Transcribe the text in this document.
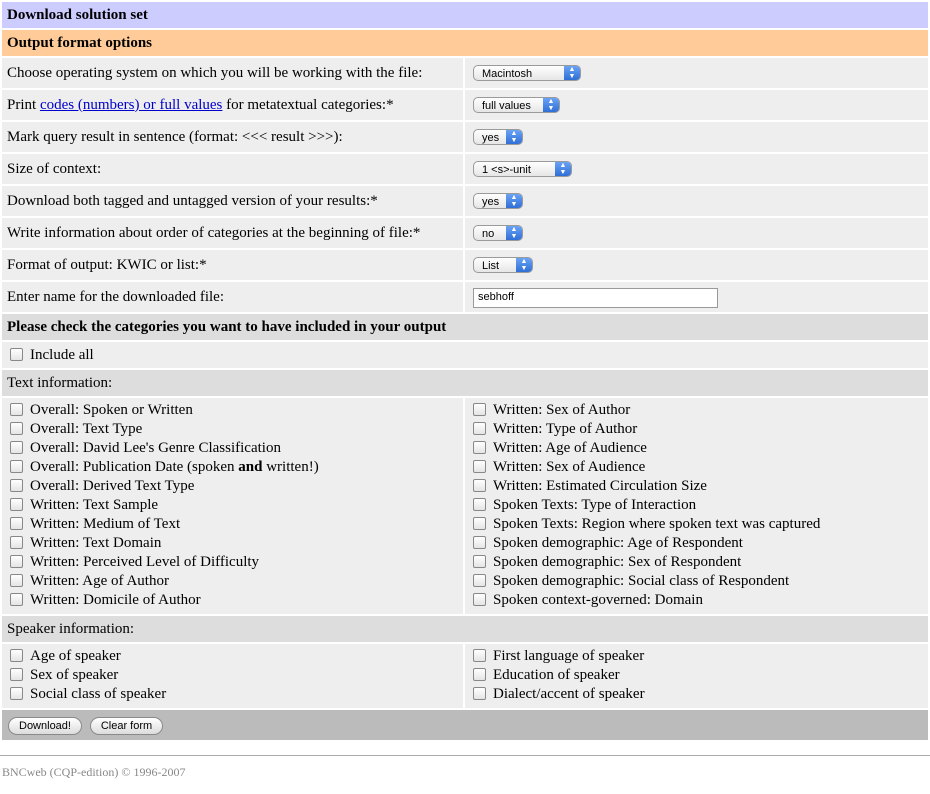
Download solution set
Output format options
Choose operating system on which you will be working with the file:	Macintosh	▲
▼
Print codes (numbers) or full values for metatextual categories:*	full values	▲
▼
Mark query result in sentence (format: <<< result >>>):	yes	▲
▼
Size of context:	1 <s>-unit	▲
▼
Download both tagged and untagged version of your results:*	yes	▲
▼
Write information about order of categories at the beginning of file:*	no	▲
▼
Format of output: KWIC or list:*	List	▲
▼
Enter name for the downloaded file:	sebhoff
Please check the categories you want to have included in your output
Include all
Text information:
Overall: Spoken or Written
Overall: Text Type
Overall: David Lee's Genre Classification
Overall: Publication Date (spoken and written!)
Overall: Derived Text Type
Written: Text Sample
Written: Medium of Text
Written: Text Domain
Written: Perceived Level of Difficulty
Written: Age of Author
Written: Domicile of Author
Written: Sex of Author
Written: Type of Author
Written: Age of Audience
Written: Sex of Audience
Written: Estimated Circulation Size
Spoken Texts: Type of Interaction
Spoken Texts: Region where spoken text was captured
Spoken demographic: Age of Respondent
Spoken demographic: Sex of Respondent
Spoken demographic: Social class of Respondent
Spoken context-governed: Domain
Speaker information:
Age of speaker
Sex of speaker
Social class of speaker
First language of speaker
Education of speaker
Dialect/accent of speaker
Download!	Clear form
BNCweb (CQP-edition) © 1996-2007
